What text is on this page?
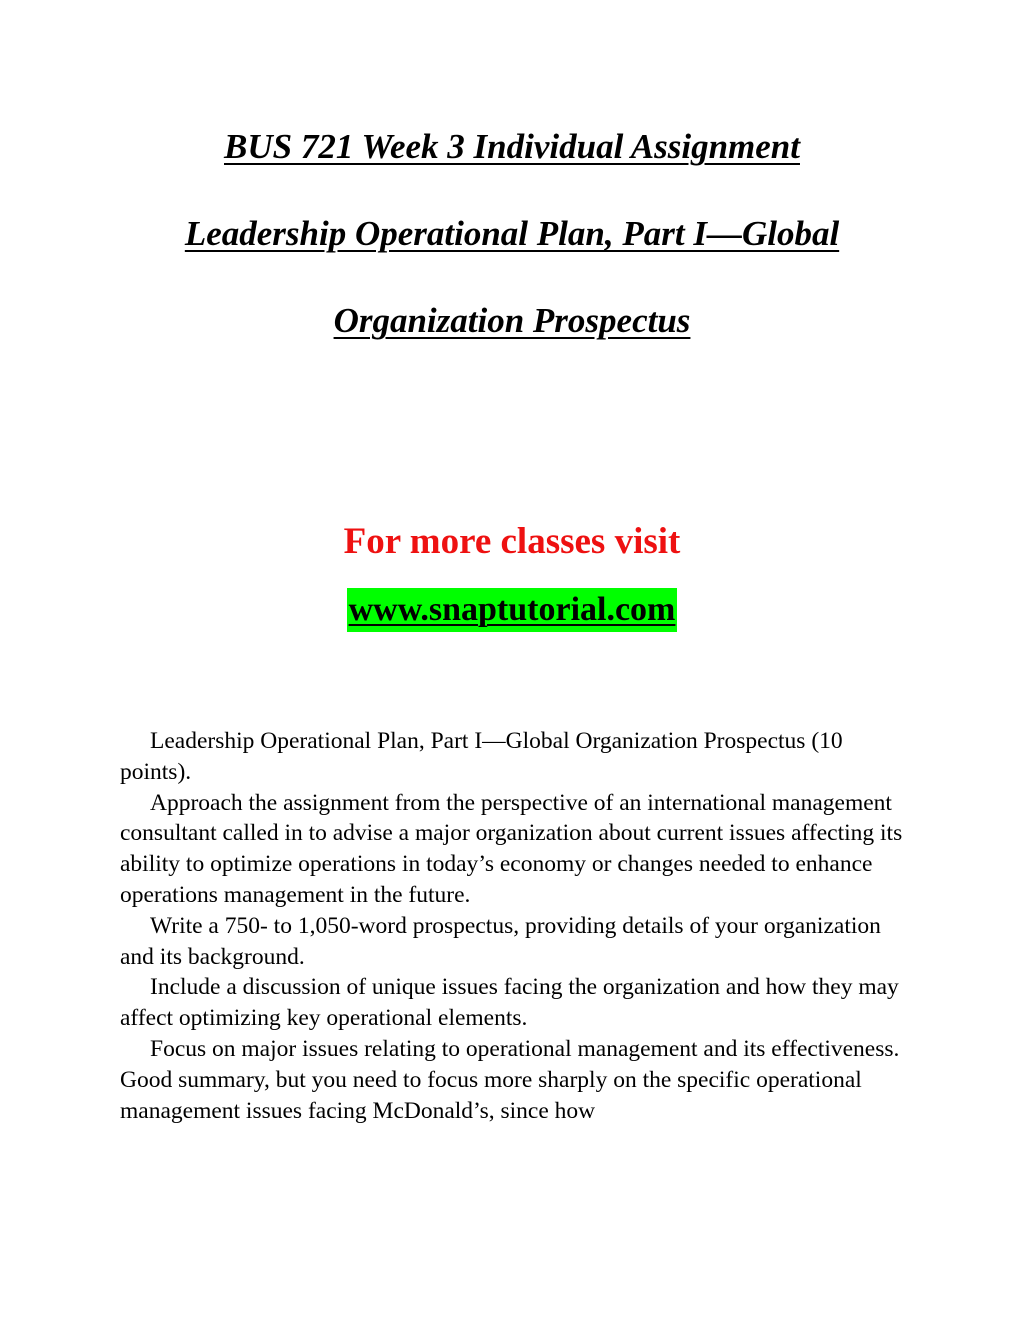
BUS 721 Week 3 Individual Assignment
Leadership Operational Plan, Part I—Global
Organization Prospectus
For more classes visit
www.snaptutorial.com

Leadership Operational Plan, Part I—Global Organization Prospectus (10 points).

Approach the assignment from the perspective of an international management consultant called in to advise a major organization about current issues affecting its ability to optimize operations in today’s economy or changes needed to enhance operations management in the future.

Write a 750- to 1,050-word prospectus, providing details of your organization and its background.

Include a discussion of unique issues facing the organization and how they may affect optimizing key operational elements.

Focus on major issues relating to operational management and its effectiveness. Good summary, but you need to focus more sharply on the specific operational management issues facing McDonald’s, since how
